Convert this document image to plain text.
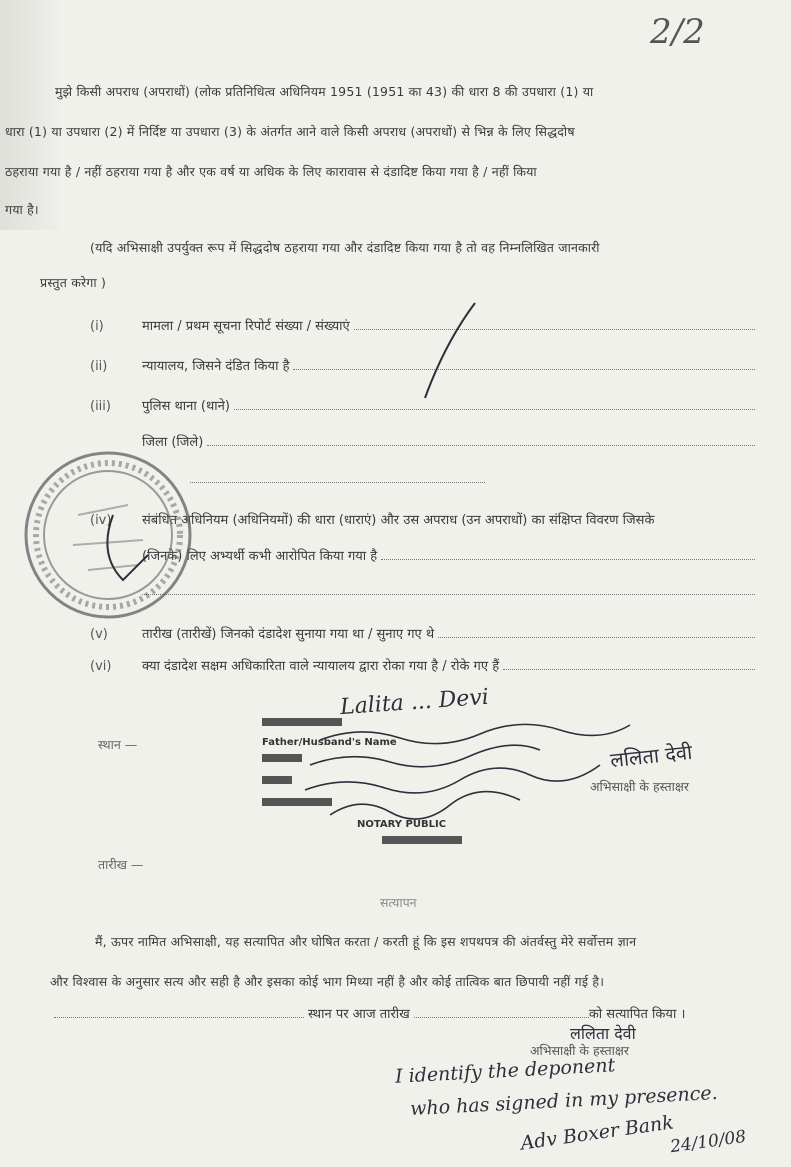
2/2
मुझे किसी अपराध (अपराधों) (लोक प्रतिनिधित्व अधिनियम 1951 (1951 का 43) की धारा 8 की उपधारा (1) या
धारा (1) या उपधारा (2) में निर्दिष्ट या उपधारा (3) के अंतर्गत आने वाले किसी अपराध (अपराधों) से भिन्न के लिए सिद्धदोष
ठहराया गया है / नहीं ठहराया गया है और एक वर्ष या अधिक के लिए कारावास से दंडादिष्ट किया गया है / नहीं किया
गया है।
(यदि अभिसाक्षी उपर्युक्त रूप में सिद्धदोष ठहराया गया और दंडादिष्ट किया गया है तो वह निम्नलिखित जानकारी
प्रस्तुत करेगा )
(i)	मामला / प्रथम सूचना रिपोर्ट संख्या / संख्याएं
(ii)	न्यायालय, जिसने दंडित किया है
(iii)	पुलिस थाना (थाने)
जिला (जिले)
(iv)	संबंधित अधिनियम (अधिनियमों) की धारा (धाराएं) और उस अपराध (उन अपराधों) का संक्षिप्त विवरण जिसके
(जिनके) लिए अभ्यर्थी कभी आरोपित किया गया है
(v)	तारीख (तारीखें) जिनको दंडादेश सुनाया गया था / सुनाए गए थे
(vi)	क्या दंडादेश सक्षम अधिकारिता वाले न्यायालय द्वारा रोका गया है / रोके गए हैं
Father/Husband's Name
NOTARY PUBLIC
Lalita ... Devi
स्थान —	ललिता देवी
अभिसाक्षी के हस्ताक्षर
तारीख —
सत्यापन
मैं, ऊपर नामित अभिसाक्षी, यह सत्यापित और घोषित करता / करती हूं कि इस शपथपत्र की अंतर्वस्तु मेरे सर्वोत्तम ज्ञान
और विश्वास के अनुसार सत्य और सही है और इसका कोई भाग मिथ्या नहीं है और कोई तात्विक बात छिपायी नहीं गई है।
स्थान पर आज तारीख	को सत्यापित किया ।
ललिता देवी
अभिसाक्षी के हस्ताक्षर
I identify the deponent
who has signed in my presence.
Adv Boxer Bank
24/10/08
